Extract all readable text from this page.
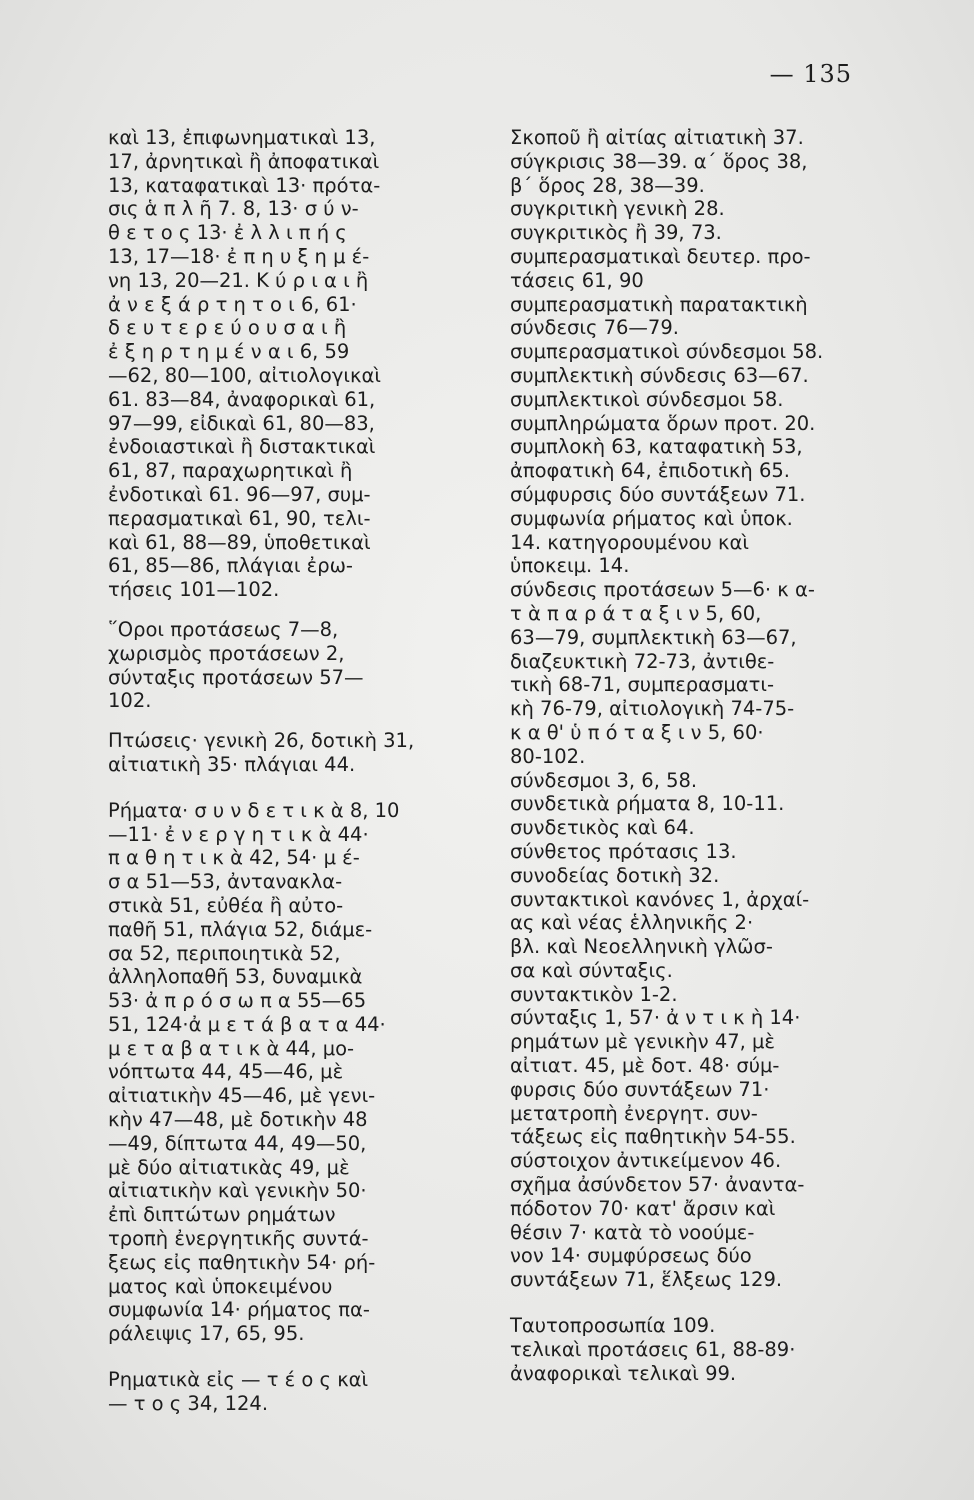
— 135
καὶ 13, ἐπιφωνηματικαὶ 13,
17, ἀρνητικαὶ ἢ ἀποφατικαὶ
13, καταφατικαὶ 13· πρότα-
σις ἁ π λ ῆ 7. 8, 13· σ ύ ν-
θ ε τ ο ς 13· ἐ λ λ ι π ή ς
13, 17—18· ἐ π η υ ξ η μ έ-
νη 13, 20—21. Κ ύ ρ ι α ι ἢ
ἀ ν ε ξ ά ρ τ η τ ο ι 6, 61·
δ ε υ τ ε ρ ε ύ ο υ σ α ι ἢ
ἐ ξ η ρ τ η μ έ ν α ι 6, 59
—62, 80—100, αἰτιολογικαὶ
61. 83—84, ἀναφορικαὶ 61,
97—99, εἰδικαὶ 61, 80—83,
ἐνδοιαστικαὶ ἢ διστακτικαὶ
61, 87, παραχωρητικαὶ ἢ
ἐνδοτικαὶ 61. 96—97, συμ-
περασματικαὶ 61, 90, τελι-
καὶ 61, 88—89, ὑποθετικαὶ
61, 85—86, πλάγιαι ἐρω-
τήσεις 101—102.
῞Οροι προτάσεως 7—8,
χωρισμὸς προτάσεων 2,
σύνταξις προτάσεων 57—
102.
Πτώσεις· γενικὴ 26, δοτικὴ 31,
αἰτιατικὴ 35· πλάγιαι 44.
Ρήματα· σ υ ν δ ε τ ι κ ὰ 8, 10
—11· ἐ ν ε ρ γ η τ ι κ ὰ 44·
π α θ η τ ι κ ὰ 42, 54· μ έ-
σ α 51—53, ἀντανακλα-
στικὰ 51, εὐθέα ἢ αὐτο-
παθῆ 51, πλάγια 52, διάμε-
σα 52, περιποιητικὰ 52,
ἀλληλοπαθῆ 53, δυναμικὰ
53· ἀ π ρ ό σ ω π α 55—65
51, 124·ἀ μ ε τ ά β α τ α 44·
μ ε τ α β α τ ι κ ὰ 44, μο-
νόπτωτα 44, 45—46, μὲ
αἰτιατικὴν 45—46, μὲ γενι-
κὴν 47—48, μὲ δοτικὴν 48
—49, δίπτωτα 44, 49—50,
μὲ δύο αἰτιατικὰς 49, μὲ
αἰτιατικὴν καὶ γενικὴν 50·
ἐπὶ διπτώτων ρημάτων
τροπὴ ἐνεργητικῆς συντά-
ξεως εἰς παθητικὴν 54· ρή-
ματος καὶ ὑποκειμένου
συμφωνία 14· ρήματος πα-
ράλειψις 17, 65, 95.
Ρηματικὰ εἰς — τ έ ο ς καὶ
— τ ο ς 34, 124.
Σκοποῦ ἢ αἰτίας αἰτιατικὴ 37.
σύγκρισις 38—39. α΄ ὅρος 38,
β΄ ὅρος 28, 38—39.
συγκριτικὴ γενικὴ 28.
συγκριτικὸς ἢ 39, 73.
συμπερασματικαὶ δευτερ. προ-
τάσεις 61, 90
συμπερασματικὴ παρατακτικὴ
σύνδεσις 76—79.
συμπερασματικοὶ σύνδεσμοι 58.
συμπλεκτικὴ σύνδεσις 63—67.
συμπλεκτικοὶ σύνδεσμοι 58.
συμπληρώματα ὅρων προτ. 20.
συμπλοκὴ 63, καταφατικὴ 53,
ἀποφατικὴ 64, ἐπιδοτικὴ 65.
σύμφυρσις δύο συντάξεων 71.
συμφωνία ρήματος καὶ ὑποκ.
14. κατηγορουμένου καὶ
ὑποκειμ. 14.
σύνδεσις προτάσεων 5—6· κ α-
τ ὰ π α ρ ά τ α ξ ι ν 5, 60,
63—79, συμπλεκτικὴ 63—67,
διαζευκτικὴ 72-73, ἀντιθε-
τικὴ 68-71, συμπερασματι-
κὴ 76-79, αἰτιολογικὴ 74-75-
κ α θ' ὑ π ό τ α ξ ι ν 5, 60·
80-102.
σύνδεσμοι 3, 6, 58.
συνδετικὰ ρήματα 8, 10-11.
συνδετικὸς καὶ 64.
σύνθετος πρότασις 13.
συνοδείας δοτικὴ 32.
συντακτικοὶ κανόνες 1, ἀρχαί-
ας καὶ νέας ἑλληνικῆς 2·
βλ. καὶ Νεοελληνικὴ γλῶσ-
σα καὶ σύνταξις.
συντακτικὸν 1-2.
σύνταξις 1, 57· ἀ ν τ ι κ ὴ 14·
ρημάτων μὲ γενικὴν 47, μὲ
αἰτιατ. 45, μὲ δοτ. 48· σύμ-
φυρσις δύο συντάξεων 71·
μετατροπὴ ἐνεργητ. συν-
τάξεως εἰς παθητικὴν 54-55.
σύστοιχον ἀντικείμενον 46.
σχῆμα ἀσύνδετον 57· ἀναντα-
πόδοτον 70· κατ' ἄρσιν καὶ
θέσιν 7· κατὰ τὸ νοούμε-
νον 14· συμφύρσεως δύο
συντάξεων 71, ἕλξεως 129.
Ταυτοπροσωπία 109.
τελικαὶ προτάσεις 61, 88-89·
ἀναφορικαὶ τελικαὶ 99.
